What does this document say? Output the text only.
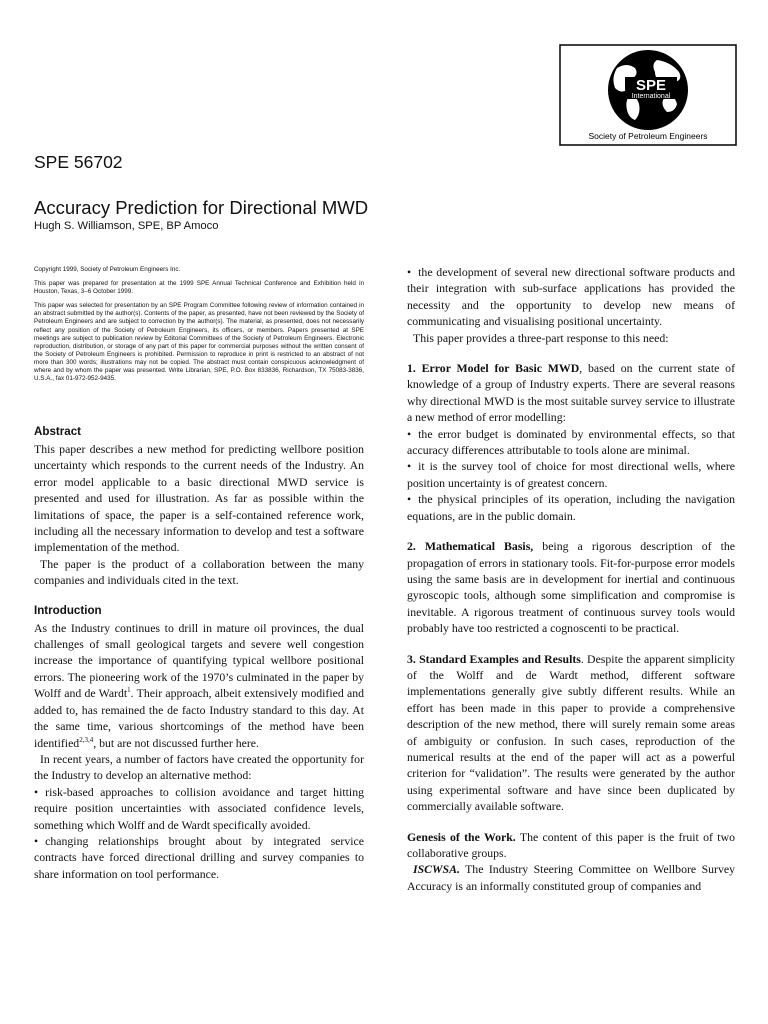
SPE
International
Society of Petroleum Engineers
SPE 56702
Accuracy Prediction for Directional MWD
Hugh S. Williamson, SPE, BP Amoco

Copyright 1999, Society of Petroleum Engineers Inc.

This paper was prepared for presentation at the 1999 SPE Annual Technical Conference and Exhibition held in Houston, Texas, 3–6 October 1999.

This paper was selected for presentation by an SPE Program Committee following review of information contained in an abstract submitted by the author(s). Contents of the paper, as presented, have not been reviewed by the Society of Petroleum Engineers and are subject to correction by the author(s). The material, as presented, does not necessarily reflect any position of the Society of Petroleum Engineers, its officers, or members. Papers presented at SPE meetings are subject to publication review by Editorial Committees of the Society of Petroleum Engineers. Electronic reproduction, distribution, or storage of any part of this paper for commercial purposes without the written consent of the Society of Petroleum Engineers is prohibited. Permission to reproduce in print is restricted to an abstract of not more than 300 words; illustrations may not be copied. The abstract must contain conspicuous acknowledgment of where and by whom the paper was presented. Write Librarian, SPE, P.O. Box 833836, Richardson, TX 75083-3836, U.S.A., fax 01-972-952-9435.

Abstract

This paper describes a new method for predicting wellbore position uncertainty which responds to the current needs of the Industry. An error model applicable to a basic directional MWD service is presented and used for illustration. As far as possible within the limitations of space, the paper is a self-contained reference work, including all the necessary information to develop and test a software implementation of the method.

The paper is the product of a collaboration between the many companies and individuals cited in the text.

Introduction

As the Industry continues to drill in mature oil provinces, the dual challenges of small geological targets and severe well congestion increase the importance of quantifying typical wellbore positional errors. The pioneering work of the 1970’s culminated in the paper by Wolff and de Wardt$^1$. Their approach, albeit extensively modified and added to, has remained the de facto Industry standard to this day. At the same time, various shortcomings of the method have been identified$^{2,3,4}$, but are not discussed further here.

In recent years, a number of factors have created the opportunity for the Industry to develop an alternative method:

• risk-based approaches to collision avoidance and target hitting require position uncertainties with associated confidence levels, something which Wolff and de Wardt specifically avoided.

• changing relationships brought about by integrated service contracts have forced directional drilling and survey companies to share information on tool performance.

• the development of several new directional software products and their integration with sub-surface applications has provided the necessity and the opportunity to develop new means of communicating and visualising positional uncertainty.

This paper provides a three-part response to this need:

1. Error Model for Basic MWD, based on the current state of knowledge of a group of Industry experts. There are several reasons why directional MWD is the most suitable survey service to illustrate a new method of error modelling:

• the error budget is dominated by environmental effects, so that accuracy differences attributable to tools alone are minimal.

• it is the survey tool of choice for most directional wells, where position uncertainty is of greatest concern.

• the physical principles of its operation, including the navigation equations, are in the public domain.

2. Mathematical Basis, being a rigorous description of the propagation of errors in stationary tools. Fit-for-purpose error models using the same basis are in development for inertial and continuous gyroscopic tools, although some simplification and compromise is inevitable. A rigorous treatment of continuous survey tools would probably have too restricted a cognoscenti to be practical.

3. Standard Examples and Results. Despite the apparent simplicity of the Wolff and de Wardt method, different software implementations generally give subtly different results. While an effort has been made in this paper to provide a comprehensive description of the new method, there will surely remain some areas of ambiguity or confusion. In such cases, reproduction of the numerical results at the end of the paper will act as a powerful criterion for “validation”. The results were generated by the author using experimental software and have since been duplicated by commercially available software.

Genesis of the Work. The content of this paper is the fruit of two collaborative groups.

ISCWSA. The Industry Steering Committee on Wellbore Survey Accuracy is an informally constituted group of companies and
